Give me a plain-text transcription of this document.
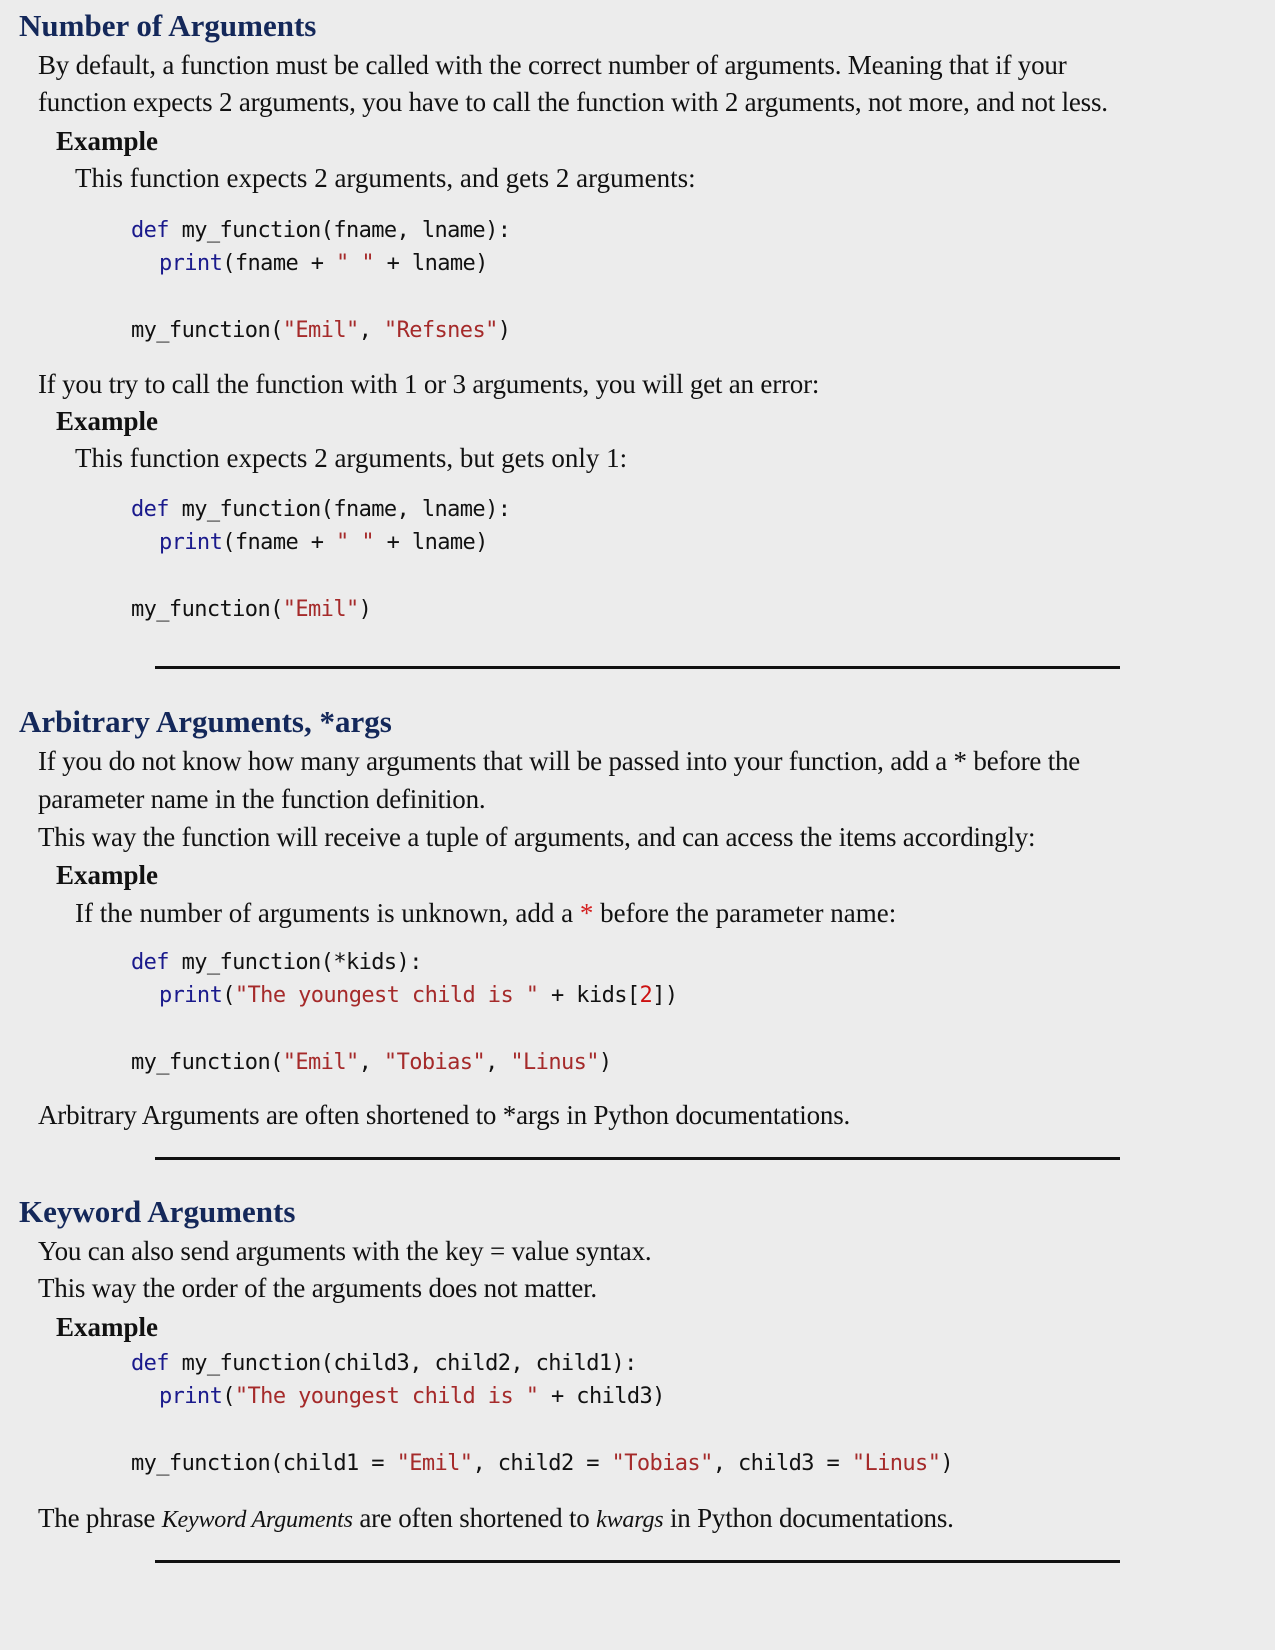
Number of Arguments
By default, a function must be called with the correct number of arguments. Meaning that if your
function expects 2 arguments, you have to call the function with 2 arguments, not more, and not less.
Example
This function expects 2 arguments, and gets 2 arguments:
def my_function(fname, lname):
print(fname + " " + lname)
my_function("Emil", "Refsnes")
If you try to call the function with 1 or 3 arguments, you will get an error:
Example
This function expects 2 arguments, but gets only 1:
def my_function(fname, lname):
print(fname + " " + lname)
my_function("Emil")
Arbitrary Arguments, *args
If you do not know how many arguments that will be passed into your function, add a * before the
parameter name in the function definition.
This way the function will receive a tuple of arguments, and can access the items accordingly:
Example
If the number of arguments is unknown, add a * before the parameter name:
def my_function(*kids):
print("The youngest child is " + kids[2])
my_function("Emil", "Tobias", "Linus")
Arbitrary Arguments are often shortened to *args in Python documentations.
Keyword Arguments
You can also send arguments with the key = value syntax.
This way the order of the arguments does not matter.
Example
def my_function(child3, child2, child1):
print("The youngest child is " + child3)
my_function(child1 = "Emil", child2 = "Tobias", child3 = "Linus")
The phrase Keyword Arguments are often shortened to kwargs in Python documentations.
